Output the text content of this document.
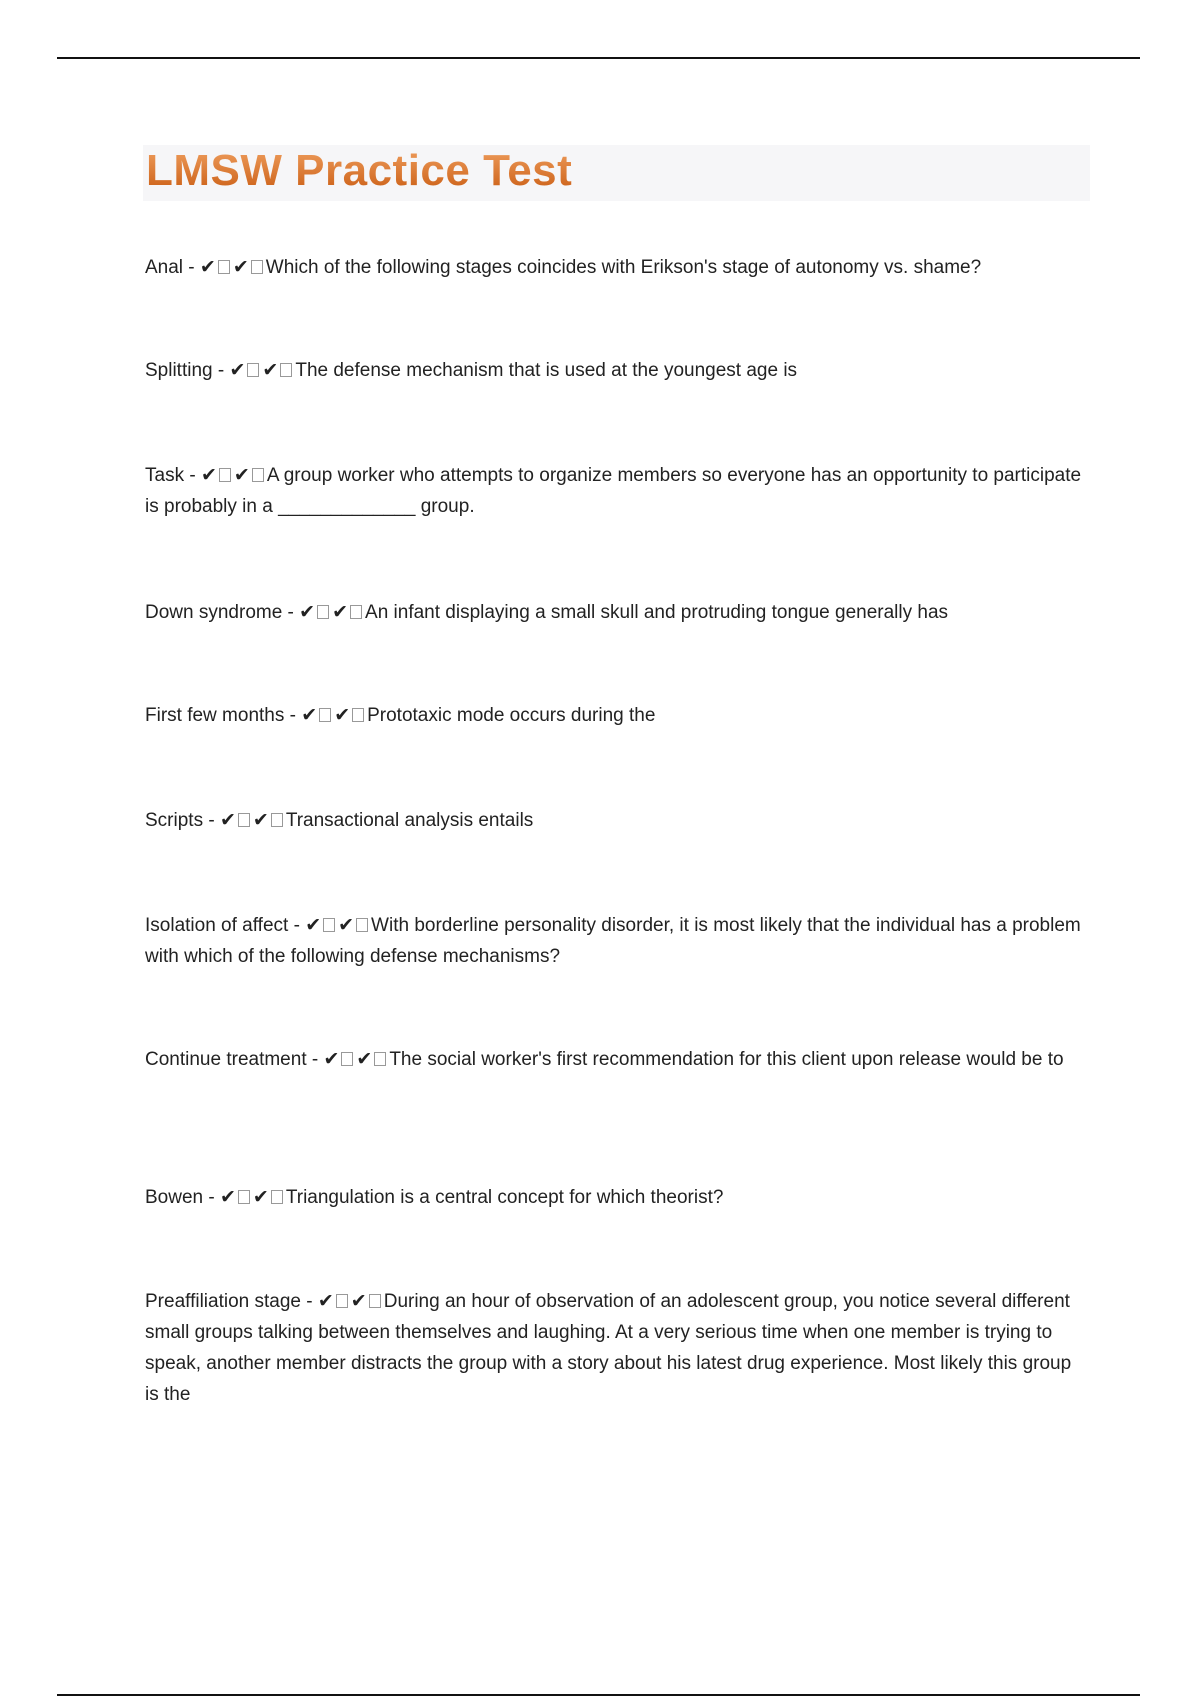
LMSW Practice Test
Anal - ✔ ✔ Which of the following stages coincides with Erikson's stage of autonomy vs. shame?
Splitting - ✔ ✔ The defense mechanism that is used at the youngest age is
Task - ✔ ✔ A group worker who attempts to organize members so everyone has an opportunity to participate is probably in a _____________ group.
Down syndrome - ✔ ✔ An infant displaying a small skull and protruding tongue generally has
First few months - ✔ ✔ Prototaxic mode occurs during the
Scripts - ✔ ✔ Transactional analysis entails
Isolation of affect - ✔ ✔ With borderline personality disorder, it is most likely that the individual has a problem with which of the following defense mechanisms?
Continue treatment - ✔ ✔ The social worker's first recommendation for this client upon release would be to
Bowen - ✔ ✔ Triangulation is a central concept for which theorist?
Preaffiliation stage - ✔ ✔ During an hour of observation of an adolescent group, you notice several different small groups talking between themselves and laughing. At a very serious time when one member is trying to speak, another member distracts the group with a story about his latest drug experience. Most likely this group is the
